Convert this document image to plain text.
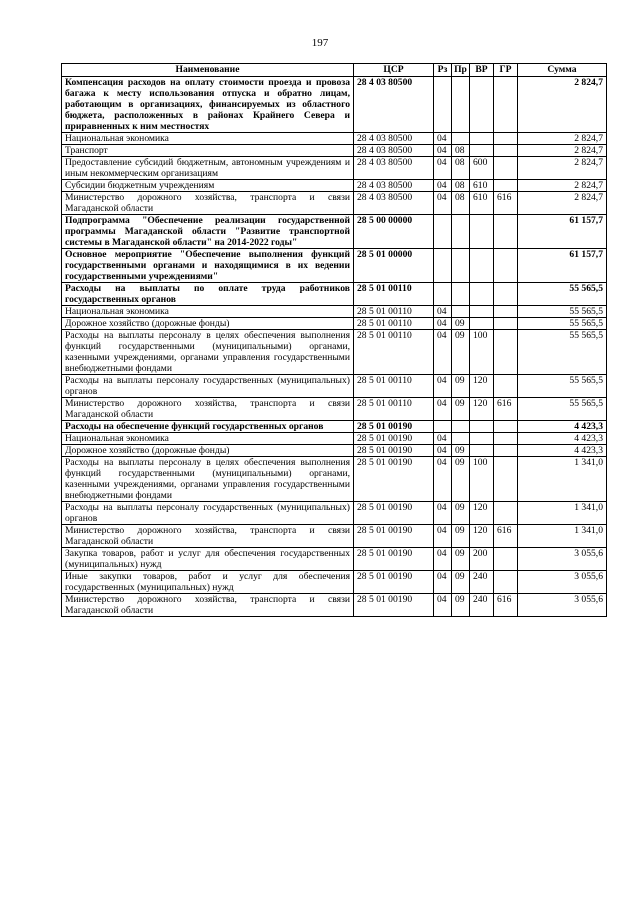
197
Наименование	ЦСР	Рз	Пр	ВР	ГР	Сумма
Компенсация расходов на оплату стоимости проезда и провоза багажа к месту использования отпуска и обратно лицам, работающим в организациях, финансируемых из областного бюджета, расположенных в районах Крайнего Севера и приравненных к ним местностях	28 4 03 80500					2 824,7
Национальная экономика	28 4 03 80500	04				2 824,7
Транспорт	28 4 03 80500	04	08			2 824,7
Предоставление субсидий бюджетным, автономным учреждениям и иным некоммерческим организациям	28 4 03 80500	04	08	600		2 824,7
Субсидии бюджетным учреждениям	28 4 03 80500	04	08	610		2 824,7
Министерство дорожного хозяйства, транспорта и связи Магаданской области	28 4 03 80500	04	08	610	616	2 824,7
Подпрограмма "Обеспечение реализации государственной программы Магаданской области "Развитие транспортной системы в Магаданской области" на 2014-2022 годы"	28 5 00 00000					61 157,7
Основное мероприятие "Обеспечение выполнения функций государственными органами и находящимися в их ведении государственными учреждениями"	28 5 01 00000					61 157,7
Расходы на выплаты по оплате труда работников государственных органов	28 5 01 00110					55 565,5
Национальная экономика	28 5 01 00110	04				55 565,5
Дорожное хозяйство (дорожные фонды)	28 5 01 00110	04	09			55 565,5
Расходы на выплаты персоналу в целях обеспечения выполнения функций государственными (муниципальными) органами, казенными учреждениями, органами управления государственными внебюджетными фондами	28 5 01 00110	04	09	100		55 565,5
Расходы на выплаты персоналу государственных (муниципальных) органов	28 5 01 00110	04	09	120		55 565,5
Министерство дорожного хозяйства, транспорта и связи Магаданской области	28 5 01 00110	04	09	120	616	55 565,5
Расходы на обеспечение функций государственных органов	28 5 01 00190					4 423,3
Национальная экономика	28 5 01 00190	04				4 423,3
Дорожное хозяйство (дорожные фонды)	28 5 01 00190	04	09			4 423,3
Расходы на выплаты персоналу в целях обеспечения выполнения функций государственными (муниципальными) органами, казенными учреждениями, органами управления государственными внебюджетными фондами	28 5 01 00190	04	09	100		1 341,0
Расходы на выплаты персоналу государственных (муниципальных) органов	28 5 01 00190	04	09	120		1 341,0
Министерство дорожного хозяйства, транспорта и связи Магаданской области	28 5 01 00190	04	09	120	616	1 341,0
Закупка товаров, работ и услуг для обеспечения государственных (муниципальных) нужд	28 5 01 00190	04	09	200		3 055,6
Иные закупки товаров, работ и услуг для обеспечения государственных (муниципальных) нужд	28 5 01 00190	04	09	240		3 055,6
Министерство дорожного хозяйства, транспорта и связи Магаданской области	28 5 01 00190	04	09	240	616	3 055,6
